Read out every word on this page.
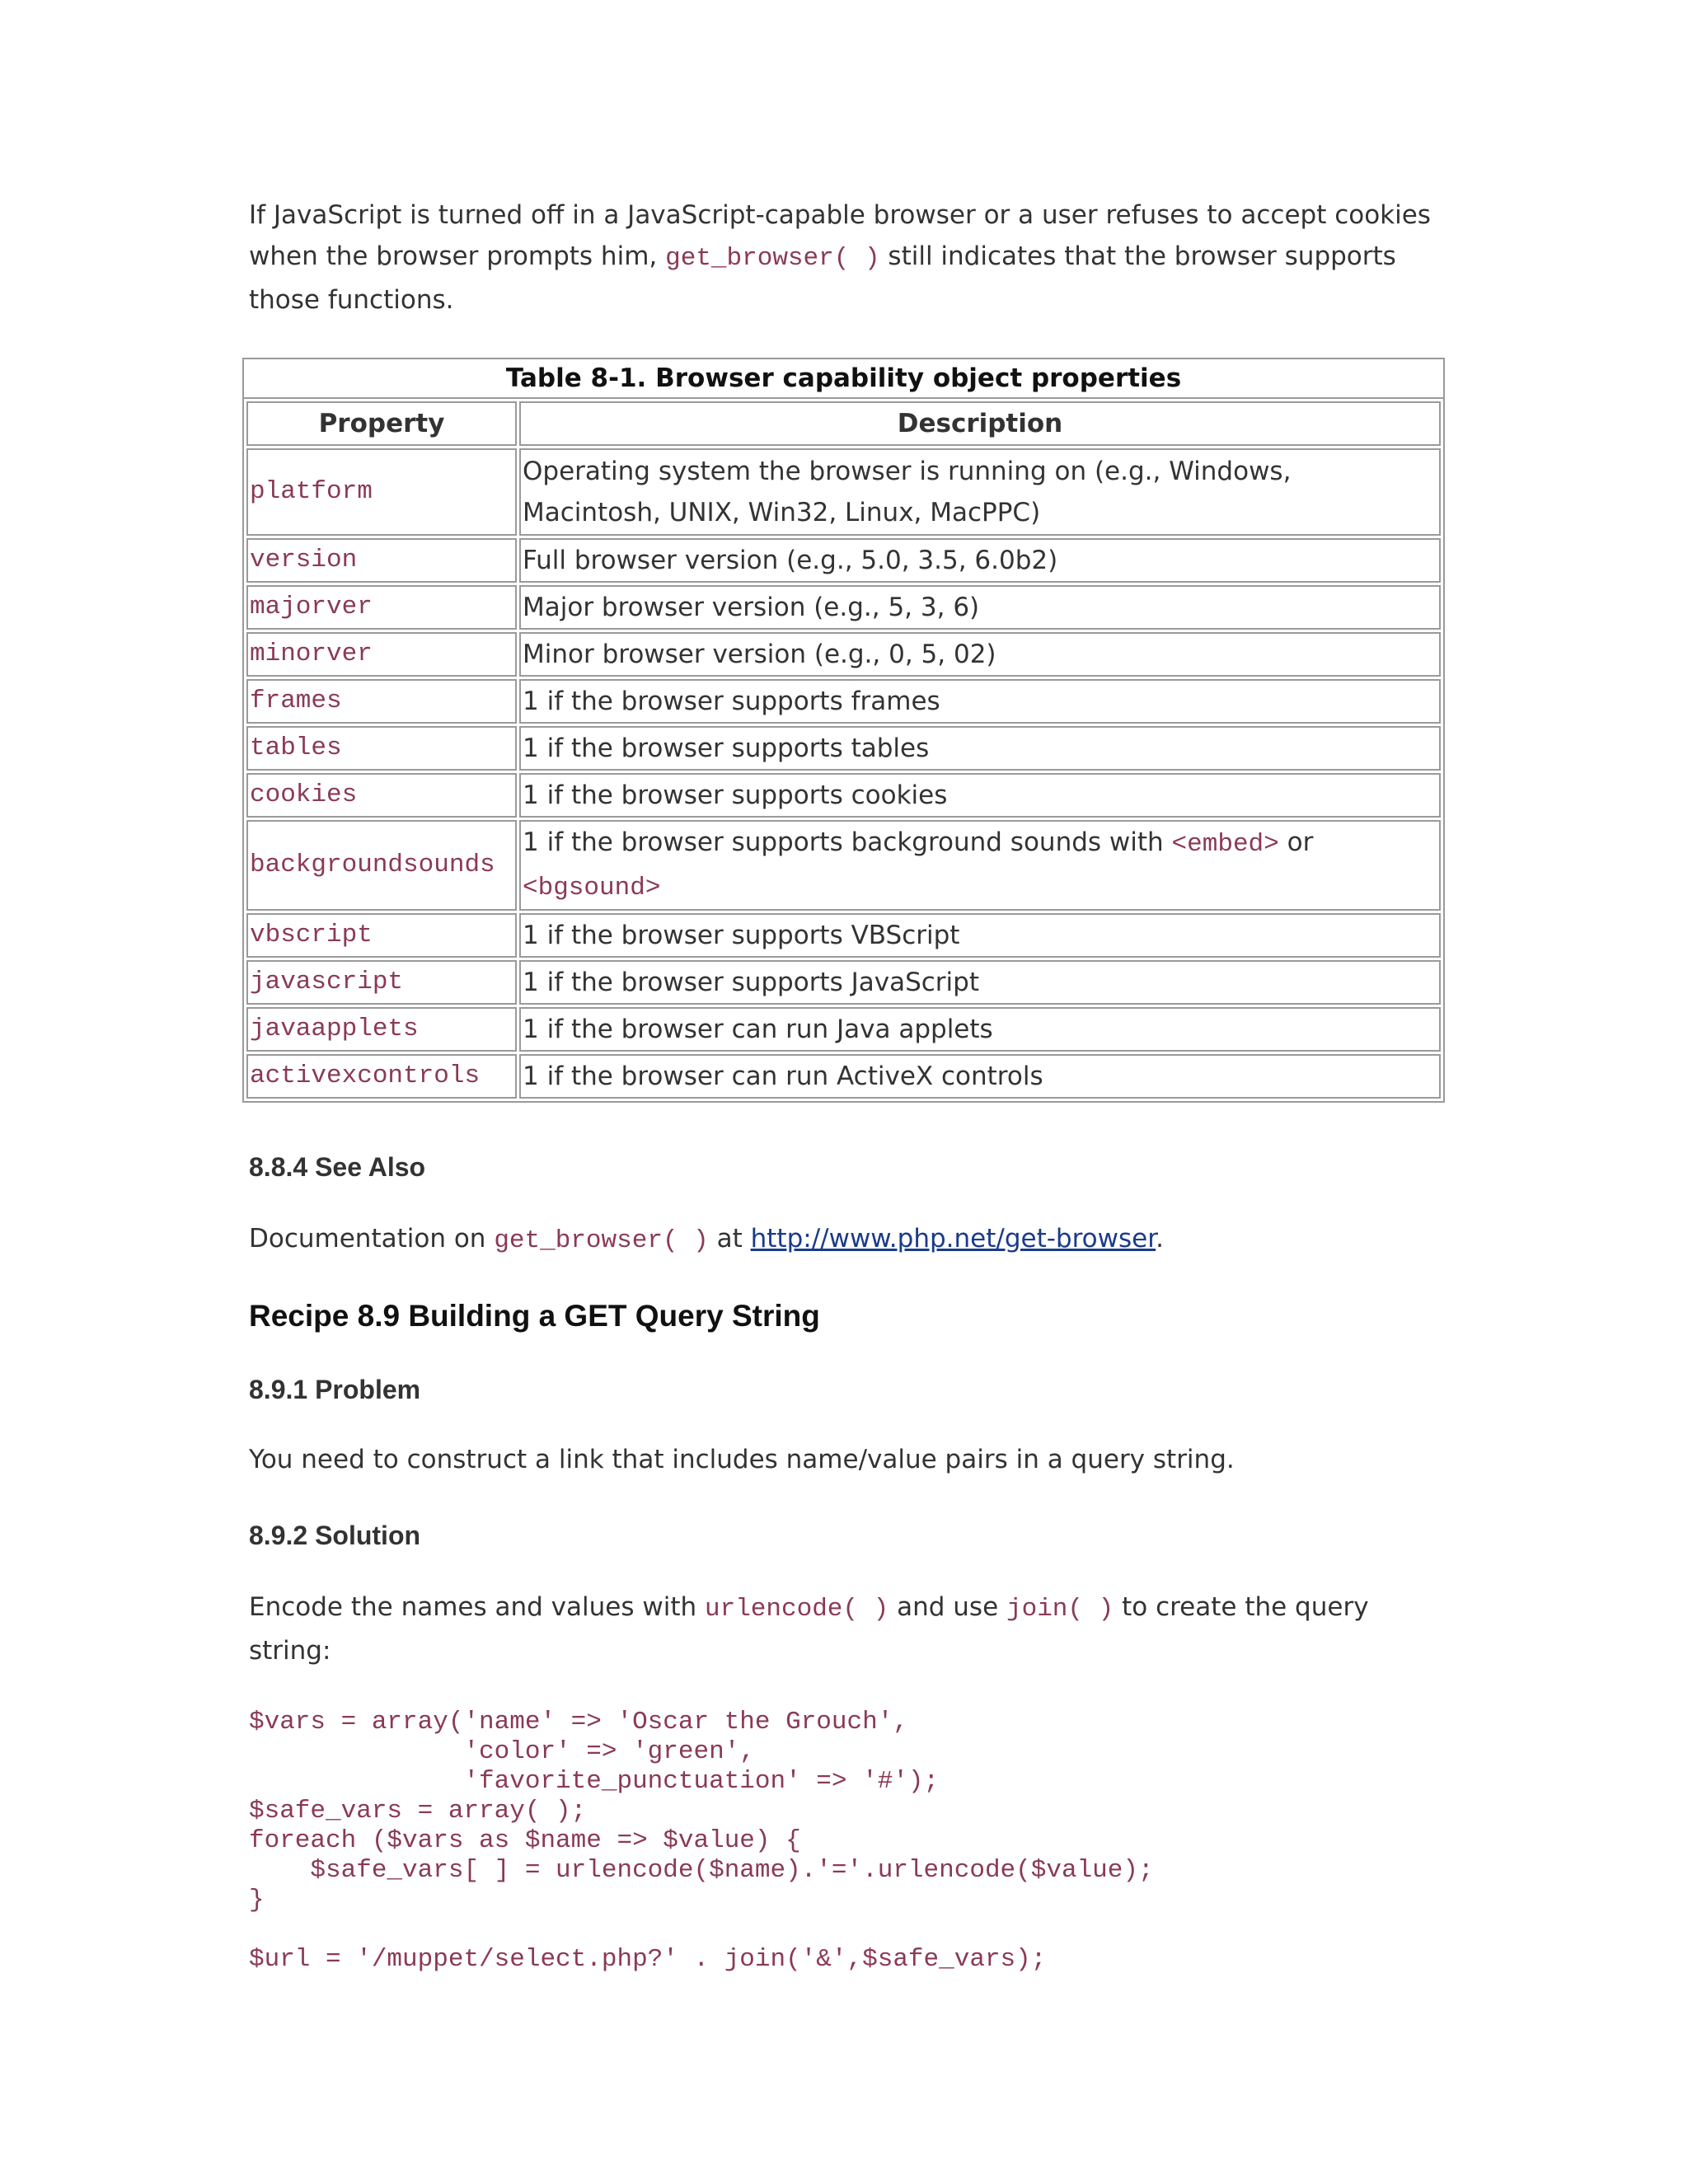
If JavaScript is turned off in a JavaScript-capable browser or a user refuses to accept cookies when the browser prompts him, get_browser( ) still indicates that the browser supports those functions.

Table 8-1. Browser capability object properties
Property	Description
platform	Operating system the browser is running on (e.g., Windows, Macintosh, UNIX, Win32, Linux, MacPPC)
version	Full browser version (e.g., 5.0, 3.5, 6.0b2)
majorver	Major browser version (e.g., 5, 3, 6)
minorver	Minor browser version (e.g., 0, 5, 02)
frames	1 if the browser supports frames
tables	1 if the browser supports tables
cookies	1 if the browser supports cookies
backgroundsounds	1 if the browser supports background sounds with <embed> or
<bgsound>
vbscript	1 if the browser supports VBScript
javascript	1 if the browser supports JavaScript
javaapplets	1 if the browser can run Java applets
activexcontrols	1 if the browser can run ActiveX controls
8.8.4 See Also

Documentation on get_browser( ) at http://www.php.net/get-browser.

Recipe 8.9 Building a GET Query String
8.9.1 Problem

You need to construct a link that includes name/value pairs in a query string.

8.9.2 Solution

Encode the names and values with urlencode( ) and use join( ) to create the query string:

$vars = array('name' => 'Oscar the Grouch',
'color' => 'green',
'favorite_punctuation' => '#');
$safe_vars = array( );
foreach ($vars as $name => $value) {
$safe_vars[ ] = urlencode($name).'='.urlencode($value);
}

$url = '/muppet/select.php?' . join('&',$safe_vars);
